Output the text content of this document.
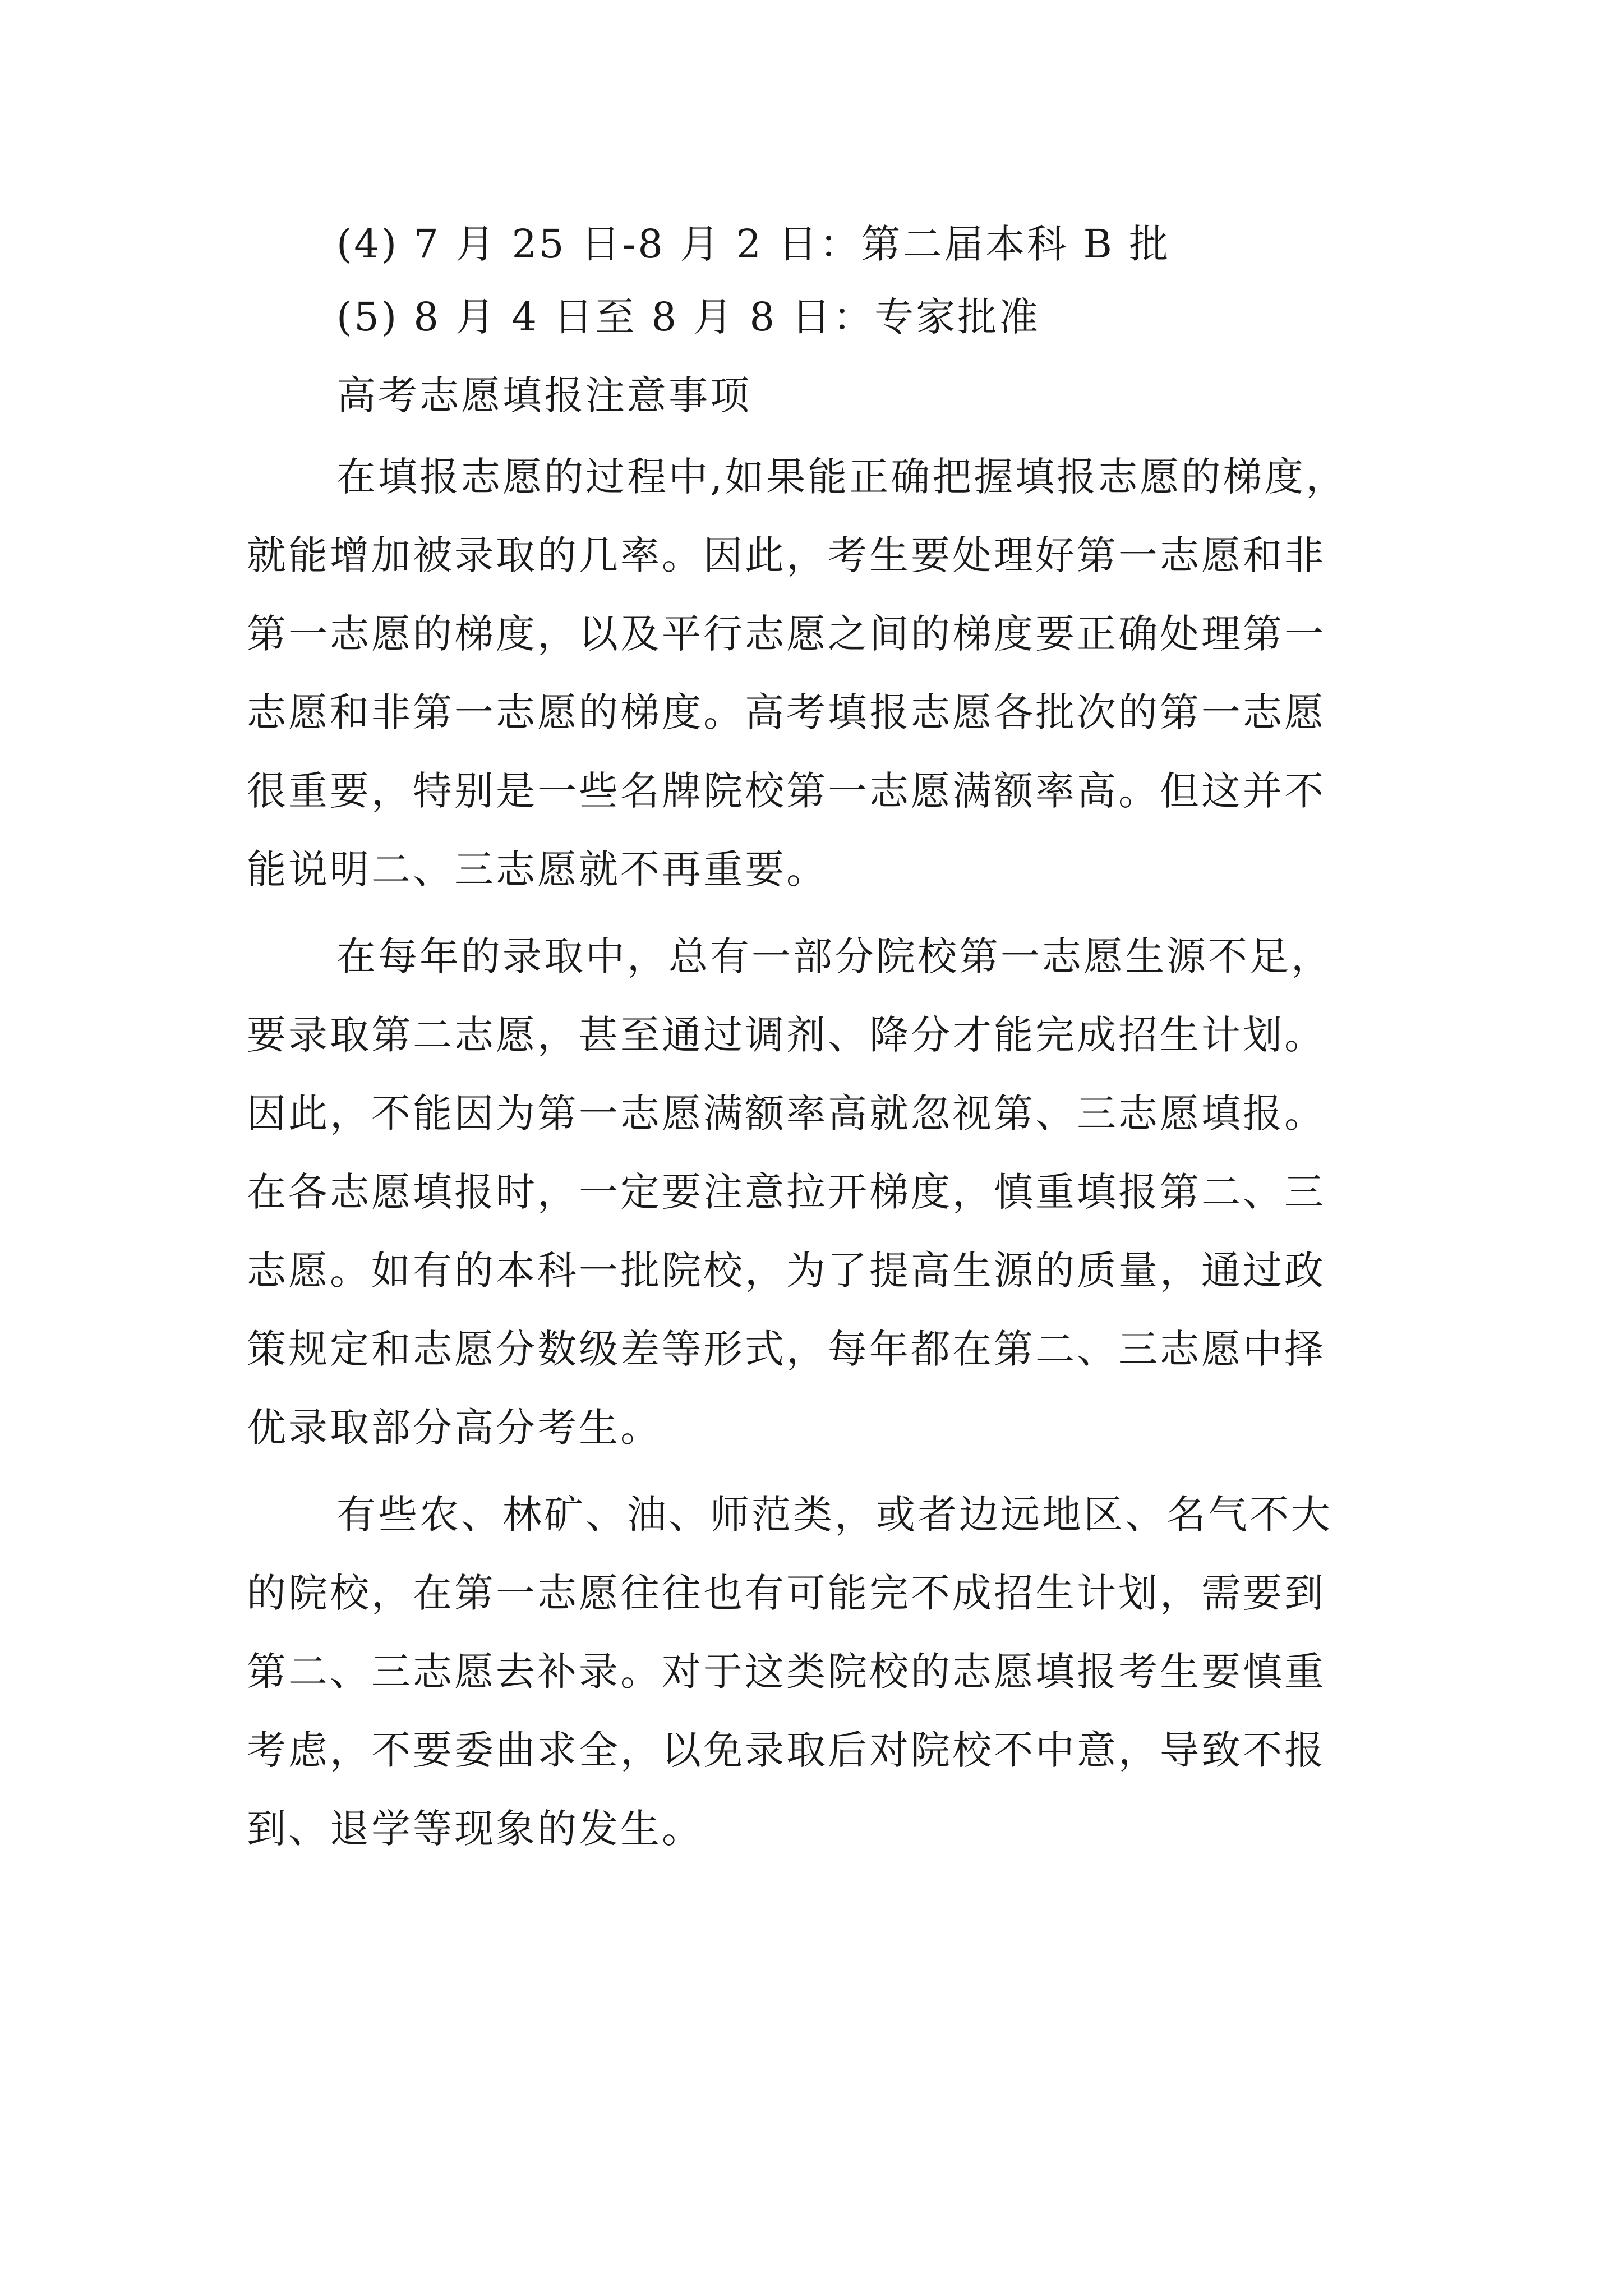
(4) 7 月 25 日-8 月 2 日：第二届本科 B 批
(5) 8 月 4 日至 8 月 8 日：专家批准
高考志愿填报注意事项
在填报志愿的过程中,如果能正确把握填报志愿的梯度，
就能增加被录取的几率。因此，考生要处理好第一志愿和非
第一志愿的梯度，以及平行志愿之间的梯度要正确处理第一
志愿和非第一志愿的梯度。高考填报志愿各批次的第一志愿
很重要，特别是一些名牌院校第一志愿满额率高。但这并不
能说明二、三志愿就不再重要。
在每年的录取中，总有一部分院校第一志愿生源不足，
要录取第二志愿，甚至通过调剂、降分才能完成招生计划。
因此，不能因为第一志愿满额率高就忽视第、三志愿填报。
在各志愿填报时，一定要注意拉开梯度，慎重填报第二、三
志愿。如有的本科一批院校，为了提高生源的质量，通过政
策规定和志愿分数级差等形式，每年都在第二、三志愿中择
优录取部分高分考生。
有些农、林矿、油、师范类，或者边远地区、名气不大
的院校，在第一志愿往往也有可能完不成招生计划，需要到
第二、三志愿去补录。对于这类院校的志愿填报考生要慎重
考虑，不要委曲求全，以免录取后对院校不中意，导致不报
到、退学等现象的发生。
